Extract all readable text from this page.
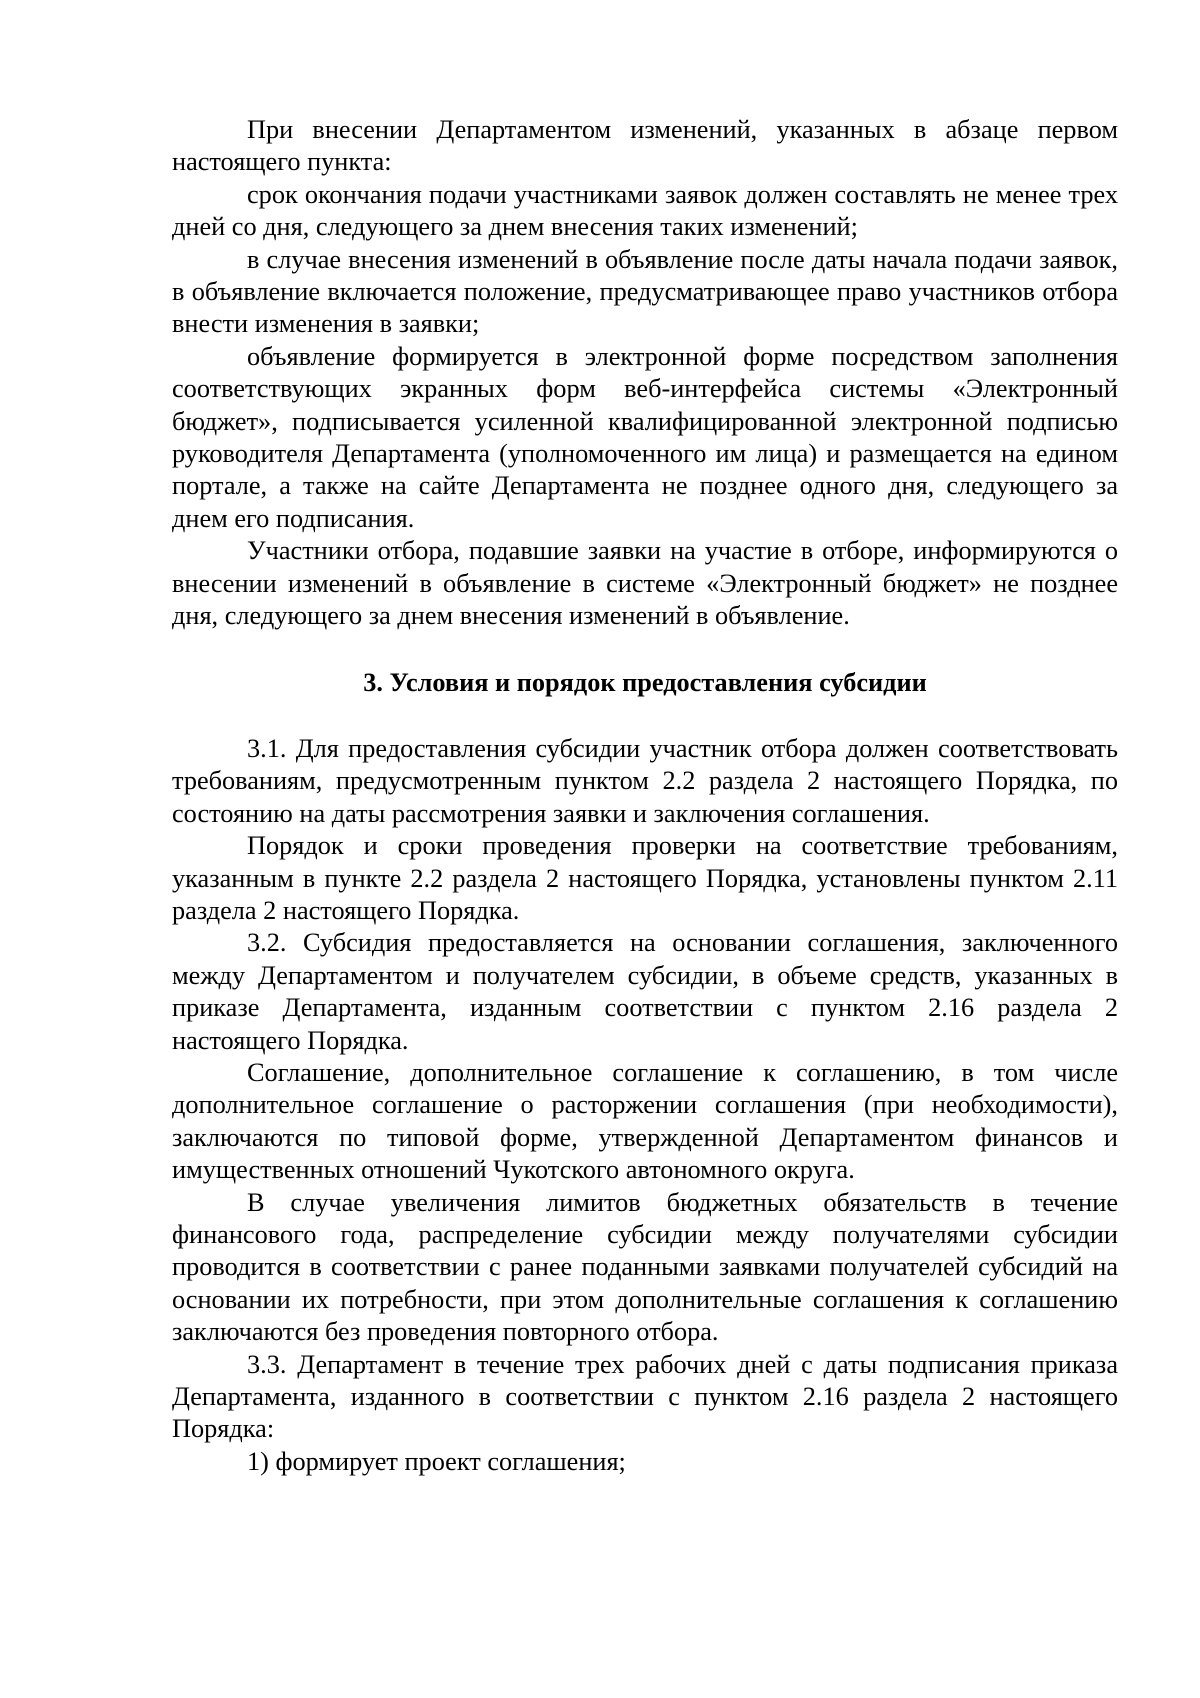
При внесении Департаментом изменений, указанных в абзаце первом настоящего пункта:

срок окончания подачи участниками заявок должен составлять не менее трех дней со дня, следующего за днем внесения таких изменений;

в случае внесения изменений в объявление после даты начала подачи заявок, в объявление включается положение, предусматривающее право участников отбора внести изменения в заявки;

объявление формируется в электронной форме посредством заполнения соответствующих экранных форм веб-интерфейса системы «Электронный бюджет», подписывается усиленной квалифицированной электронной подписью руководителя Департамента (уполномоченного им лица) и размещается на едином портале, а также на сайте Департамента не позднее одного дня, следующего за днем его подписания.

Участники отбора, подавшие заявки на участие в отборе, информируются о внесении изменений в объявление в системе «Электронный бюджет» не позднее дня, следующего за днем внесения изменений в объявление.

3. Условия и порядок предоставления субсидии

3.1. Для предоставления субсидии участник отбора должен соответствовать требованиям, предусмотренным пунктом 2.2 раздела 2 настоящего Порядка, по состоянию на даты рассмотрения заявки и заключения соглашения.

Порядок и сроки проведения проверки на соответствие требованиям, указанным в пункте 2.2 раздела 2 настоящего Порядка, установлены пунктом 2.11 раздела 2 настоящего Порядка.

3.2. Субсидия предоставляется на основании соглашения, заключенного между Департаментом и получателем субсидии, в объеме средств, указанных в приказе Департамента, изданным соответствии с пунктом 2.16 раздела 2 настоящего Порядка.

Соглашение, дополнительное соглашение к соглашению, в том числе дополнительное соглашение о расторжении соглашения (при необходимости), заключаются по типовой форме, утвержденной Департаментом финансов и имущественных отношений Чукотского автономного округа.

В случае увеличения лимитов бюджетных обязательств в течение финансового года, распределение субсидии между получателями субсидии проводится в соответствии с ранее поданными заявками получателей субсидий на основании их потребности, при этом дополнительные соглашения к соглашению заключаются без проведения повторного отбора.

3.3. Департамент в течение трех рабочих дней с даты подписания приказа Департамента, изданного в соответствии с пунктом 2.16 раздела 2 настоящего Порядка:

1) формирует проект соглашения;
